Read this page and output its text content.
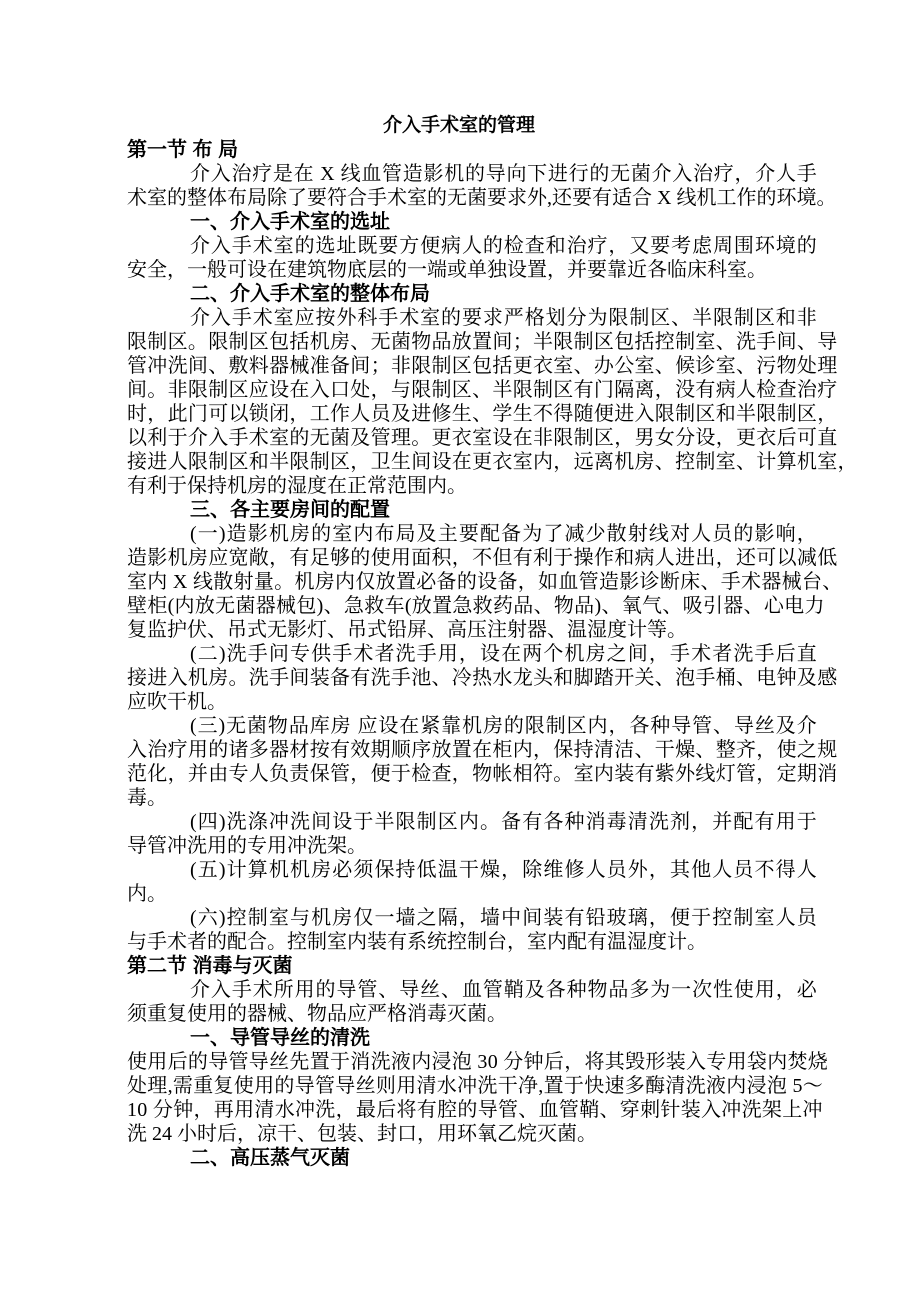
介入手术室的管理
第一节 布 局
介入治疗是在 X 线血管造影机的导向下进行的无菌介入治疗，介人手
术室的整体布局除了要符合手术室的无菌要求外,还要有适合 X 线机工作的环境。
一、介入手术室的选址
介入手术室的选址既要方便病人的检查和治疗，又要考虑周围环境的
安全，一般可设在建筑物底层的一端或单独设置，并要靠近各临床科室。
二、介入手术室的整体布局
介入手术室应按外科手术室的要求严格划分为限制区、半限制区和非
限制区。限制区包括机房、无菌物品放置间；半限制区包括控制室、洗手间、导
管冲洗间、敷料器械准备间；非限制区包括更衣室、办公室、候诊室、污物处理
间。非限制区应设在入口处，与限制区、半限制区有门隔离，没有病人检查治疗
时，此门可以锁闭，工作人员及进修生、学生不得随便进入限制区和半限制区，
以利于介入手术室的无菌及管理。更衣室设在非限制区，男女分设，更衣后可直
接进人限制区和半限制区，卫生间设在更衣室内，远离机房、控制室、计算机室，
有利于保持机房的湿度在正常范围内。
三、各主要房间的配置
(一)造影机房的室内布局及主要配备为了减少散射线对人员的影响，
造影机房应宽敞，有足够的使用面积，不但有利于操作和病人进出，还可以减低
室内 X 线散射量。机房内仅放置必备的设备，如血管造影诊断床、手术器械台、
壁柜(内放无菌器械包)、急救车(放置急救药品、物品)、氧气、吸引器、心电力
复监护伏、吊式无影灯、吊式铅屏、高压注射器、温湿度计等。
(二)洗手问专供手术者洗手用，设在两个机房之间，手术者洗手后直
接进入机房。洗手间装备有洗手池、冷热水龙头和脚踏开关、泡手桶、电钟及感
应吹干机。
(三)无菌物品库房 应设在紧靠机房的限制区内，各种导管、导丝及介
入治疗用的诸多器材按有效期顺序放置在柜内，保持清洁、干燥、整齐，使之规
范化，并由专人负责保管，便于检查，物帐相符。室内装有紫外线灯管，定期消
毒。
(四)洗涤冲洗间设于半限制区内。备有各种消毒清洗剂，并配有用于
导管冲洗用的专用冲洗架。
(五)计算机机房必须保持低温干燥，除维修人员外，其他人员不得人
内。
(六)控制室与机房仅一墙之隔，墙中间装有铅玻璃，便于控制室人员
与手术者的配合。控制室内装有系统控制台，室内配有温湿度计。
第二节 消毒与灭菌
介入手术所用的导管、导丝、血管鞘及各种物品多为一次性使用，必
须重复使用的器械、物品应严格消毒灭菌。
一、导管导丝的清洗
使用后的导管导丝先置于消洗液内浸泡 30 分钟后，将其毁形装入专用袋内焚烧
处理,需重复使用的导管导丝则用清水冲洗干净,置于快速多酶清洗液内浸泡 5～
10 分钟，再用清水冲洗，最后将有腔的导管、血管鞘、穿刺针装入冲洗架上冲
洗 24 小时后，凉干、包装、封口，用环氧乙烷灭菌。
二、高压蒸气灭菌
